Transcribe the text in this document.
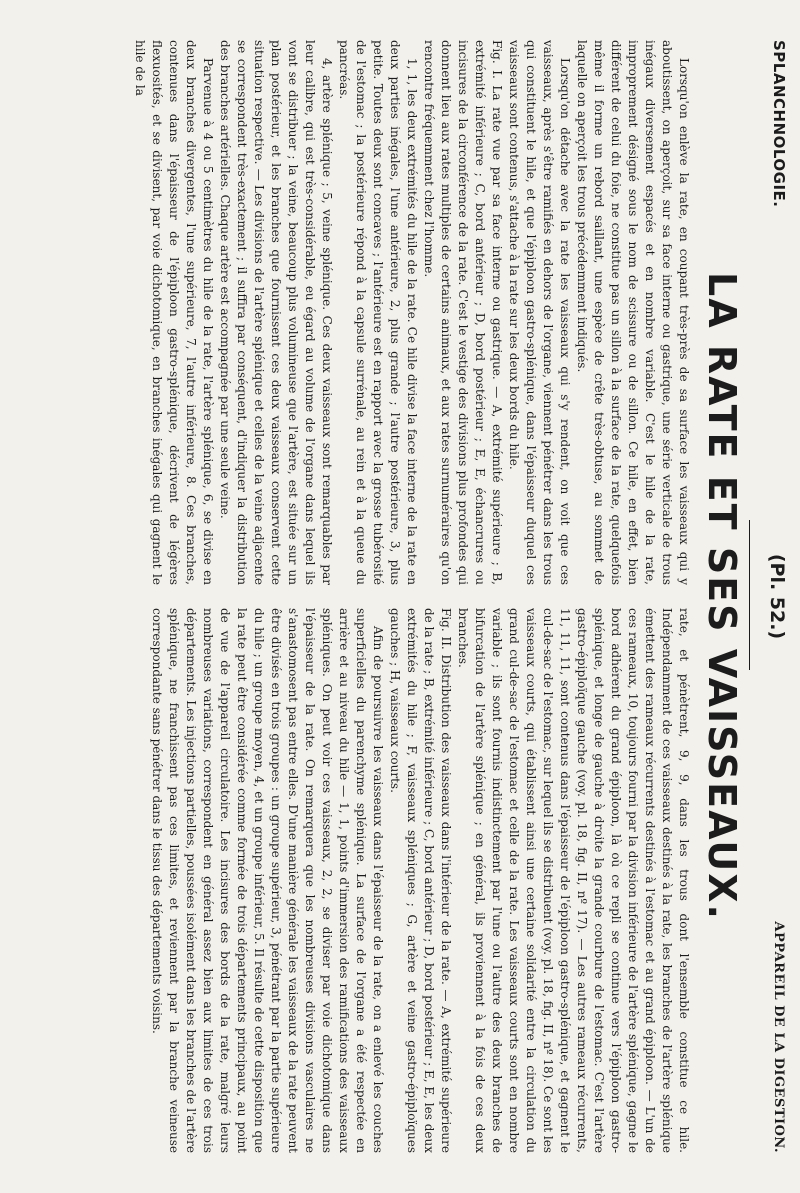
SPLANCHNOLOGIE.
(Pl. 52.)
APPAREIL DE LA DIGESTION.
LA RATE ET SES VAISSEAUX.

Lorsqu'on enlève la rate, en coupant très-près de sa surface les vaisseaux qui y aboutissent, on aperçoit, sur sa face interne ou gastrique, une série verticale de trous inégaux diversement espacés et en nombre variable. C'est le hile de la rate, improprement désigné sous le nom de scissure ou de sillon. Ce hile, en effet, bien différent de celui du foie, ne constitue pas un sillon à la surface de la rate, quelquefois même il forme un rebord saillant, une espèce de crête très-obtuse, au sommet de laquelle on aperçoit les trous précédemment indiqués.

Lorsqu'on détache avec la rate les vaisseaux qui s'y rendent, on voit que ces vaisseaux, après s'être ramifiés en dehors de l'organe, viennent pénétrer dans les trous qui constituent le hile, et que l'épiploon gastro-splénique, dans l'épaisseur duquel ces vaisseaux sont contenus, s'attache à la rate sur les deux bords du hile.

Fig. I. La rate vue par sa face interne ou gastrique. — A, extrémité supérieure ; B, extrémité inférieure ; C, bord antérieur ; D, bord postérieur ; E, E, échancrures ou incisures de la circonférence de la rate. C'est le vestige des divisions plus profondes qui donnent lieu aux rates multiples de certains animaux, et aux rates surnuméraires qu'on rencontre fréquemment chez l'homme.

1, 1, les deux extrémités du hile de la rate. Ce hile divise la face interne de la rate en deux parties inégales, l'une antérieure, 2, plus grande ; l'autre postérieure, 3, plus petite. Toutes deux sont concaves ; l'antérieure est en rapport avec la grosse tubérosité de l'estomac ; la postérieure répond à la capsule surrénale, au rein et à la queue du pancréas.

4, artère splénique ; 5, veine splénique. Ces deux vaisseaux sont remarquables par leur calibre, qui est très-considérable, eu égard au volume de l'organe dans lequel ils vont se distribuer ; la veine, beaucoup plus volumineuse que l'artère, est située sur un plan postérieur, et les branches que fournissent ces deux vaisseaux conservent cette situation respective. — Les divisions de l'artère splénique et celles de la veine adjacente se correspondent très-exactement ; il suffira par conséquent, d'indiquer la distribution des branches artérielles. Chaque artère est accompagnée par une seule veine.

Parvenue à 4 ou 5 centimètres du hile de la rate, l'artère splénique, 6, se divise en deux branches divergentes, l'une supérieure, 7, l'autre inférieure, 8. Ces branches, contenues dans l'épaisseur de l'épiploon gastro-splénique, décrivent de légères flexuosités, et se divisent, par voie dichotomique, en branches inégales qui gagnent le hile de la

rate, et pénètrent, 9, 9, dans les trous dont l'ensemble constitue ce hile. Indépendamment de ces vaisseaux destinés à la rate, les branches de l'artère splénique émettent des rameaux récurrents destinés à l'estomac et au grand épiploon. — L'un de ces rameaux, 10, toujours fourni par la division inférieure de l'artère splénique, gagne le bord adhérent du grand épiploon, là où ce repli se continue vers l'épiploon gastro-splénique, et longe de gauche à droite la grande courbure de l'estomac. C'est l'artère gastro-épiploïque gauche (voy. pl. 18, fig. II, nº 17). — Les autres rameaux récurrents, 11, 11, 11, sont contenus dans l'épaisseur de l'épiploon gastro-splénique, et gagnent le cul-de-sac de l'estomac, sur lequel ils se distribuent (voy. pl. 18, fig. II, nº 18). Ce sont les vaisseaux courts, qui établissent ainsi une certaine solidarité entre la circulation du grand cul-de-sac de l'estomac et celle de la rate. Les vaisseaux courts sont en nombre variable ; ils sont fournis indistinctement par l'une ou l'autre des deux branches de bifurcation de l'artère splénique ; en général, ils proviennent à la fois de ces deux branches.

Fig. II. Distribution des vaisseaux dans l'intérieur de la rate. — A, extrémité supérieure de la rate ; B, extrémité inférieure ; C, bord antérieur ; D, bord postérieur ; E, E, les deux extrémités du hile ; F, vaisseaux spléniques ; G, artère et veine gastro-épiploïques gauches ; H, vaisseaux courts.

Afin de poursuivre les vaisseaux dans l'épaisseur de la rate, on a enlevé les couches superficielles du parenchyme splénique. La surface de l'organe a été respectée en arrière et au niveau du hile — 1, 1, points d'immersion des ramifications des vaisseaux spléniques. On peut voir ces vaisseaux, 2, 2, se diviser par voie dichotomique dans l'épaisseur de la rate. On remarquera que les nombreuses divisions vasculaires ne s'anastomosent pas entre elles. D'une manière générale les vaisseaux de la rate peuvent être divisés en trois groupes : un groupe supérieur, 3, pénétrant par la partie supérieure du hile ; un groupe moyen, 4, et un groupe inférieur, 5. Il résulte de cette disposition que la rate peut être considérée comme formée de trois départements principaux, au point de vue de l'appareil circulatoire. Les incisures des bords de la rate, malgré leurs nombreuses variations, correspondent en général assez bien aux limites de ces trois départements. Les injections partielles, poussées isolément dans les branches de l'artère splénique, ne franchissent pas ces limites, et reviennent par la branche veineuse correspondante sans pénétrer dans le tissu des départements voisins.
